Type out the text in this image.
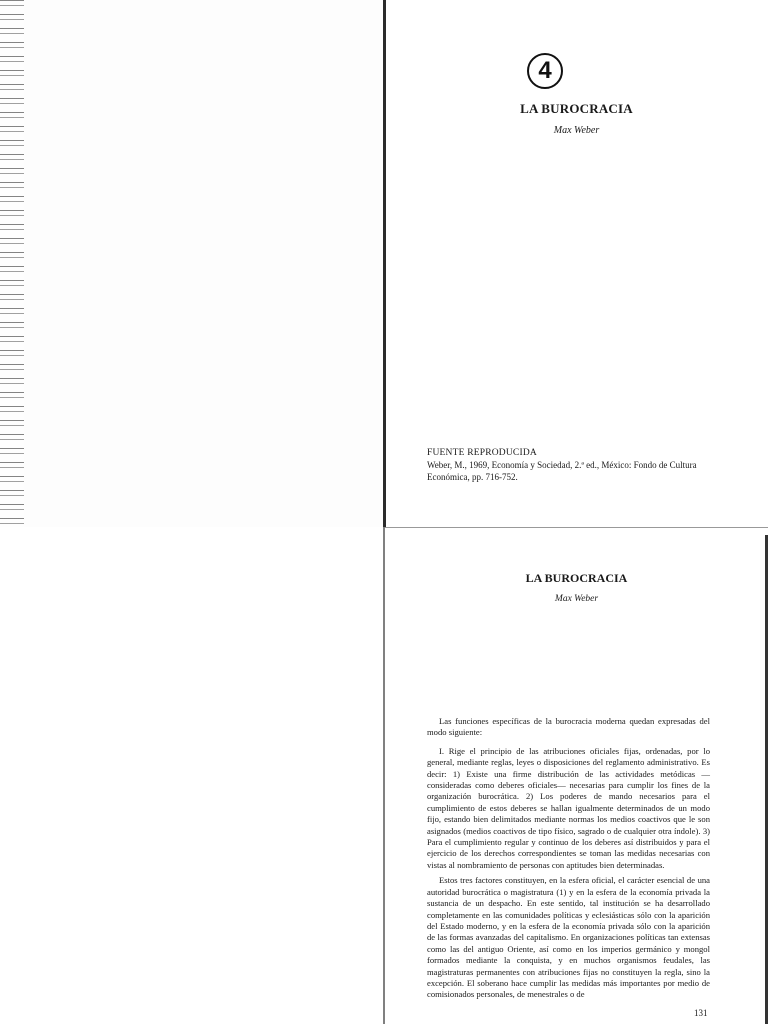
4
LA BUROCRACIA
Max Weber
FUENTE REPRODUCIDA
Weber, M., 1969, Economía y Sociedad, 2.ª ed., México: Fondo de Cultura Económica, pp. 716-752.
LA BUROCRACIA
Max Weber

Las funciones específicas de la burocracia moderna quedan expresadas del modo siguiente:

I. Rige el principio de las atribuciones oficiales fijas, ordenadas, por lo general, mediante reglas, leyes o disposiciones del reglamento administrativo. Es decir: 1) Existe una firme distribución de las actividades metódicas —consideradas como deberes oficiales— necesarias para cumplir los fines de la organización burocrática. 2) Los poderes de mando necesarios para el cumplimiento de estos deberes se hallan igualmente determinados de un modo fijo, estando bien delimitados mediante normas los medios coactivos que le son asignados (medios coactivos de tipo físico, sagrado o de cualquier otra índole). 3) Para el cumplimiento regular y continuo de los deberes así distribuidos y para el ejercicio de los derechos correspondientes se toman las medidas necesarias con vistas al nombramiento de personas con aptitudes bien determinadas.

Estos tres factores constituyen, en la esfera oficial, el carácter esencial de una autoridad burocrática o magistratura (1) y en la esfera de la economía privada la sustancia de un despacho. En este sentido, tal institución se ha desarrollado completamente en las comunidades políticas y eclesiásticas sólo con la aparición del Estado moderno, y en la esfera de la economía privada sólo con la aparición de las formas avanzadas del capitalismo. En organizaciones políticas tan extensas como las del antiguo Oriente, así como en los imperios germánico y mongol formados mediante la conquista, y en muchos organismos feudales, las magistraturas permanentes con atribuciones fijas no constituyen la regla, sino la excepción. El soberano hace cumplir las medidas más importantes por medio de comisionados personales, de menestrales o de

131
